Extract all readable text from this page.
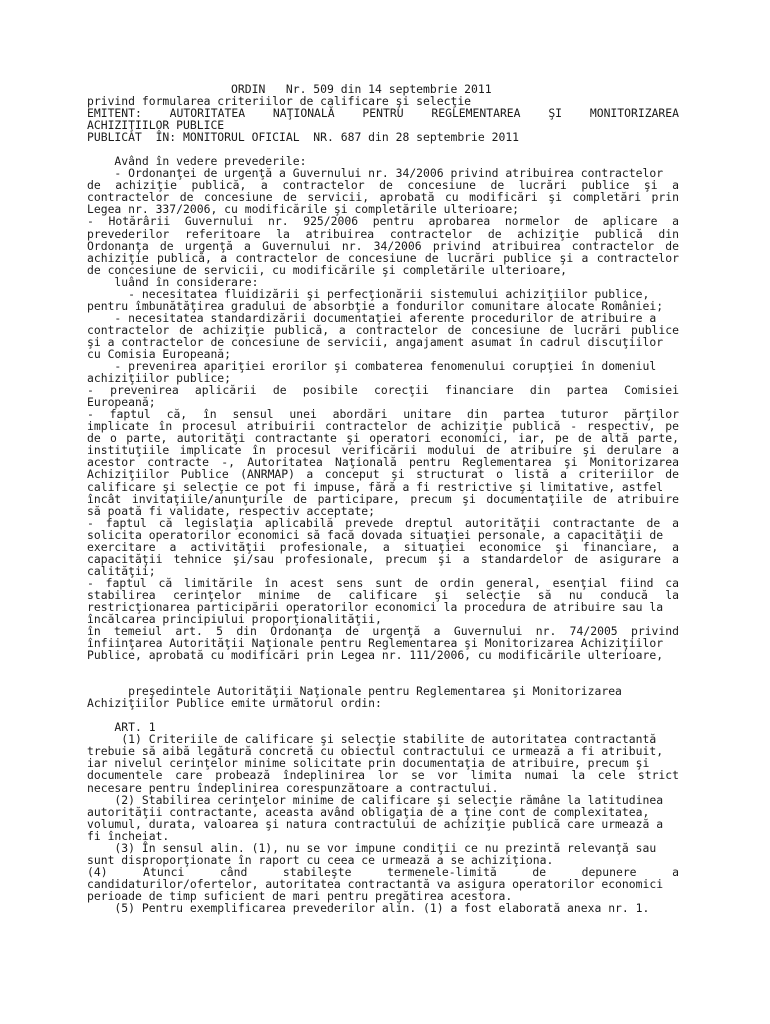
ORDIN   Nr. 509 din 14 septembrie 2011
privind formularea criteriilor de calificare şi selecţie
EMITENT: AUTORITATEA NAŢIONALĂ PENTRU REGLEMENTAREA ŞI MONITORIZAREA
ACHIZIŢIILOR PUBLICE
PUBLICAT  ÎN: MONITORUL OFICIAL  NR. 687 din 28 septembrie 2011
Având în vedere prevederile:
- Ordonanţei de urgenţă a Guvernului nr. 34/2006 privind atribuirea contractelor
de achiziţie publică, a contractelor de concesiune de lucrări publice şi a
contractelor de concesiune de servicii, aprobată cu modificări şi completări prin
Legea nr. 337/2006, cu modificările şi completările ulterioare;
- Hotărârii Guvernului nr. 925/2006 pentru aprobarea normelor de aplicare a
prevederilor referitoare la atribuirea contractelor de achiziţie publică din
Ordonanţa de urgenţă a Guvernului nr. 34/2006 privind atribuirea contractelor de
achiziţie publică, a contractelor de concesiune de lucrări publice şi a contractelor
de concesiune de servicii, cu modificările şi completările ulterioare,
luând în considerare:
- necesitatea fluidizării şi perfecţionării sistemului achiziţiilor publice,
pentru îmbunătăţirea gradului de absorbţie a fondurilor comunitare alocate României;
- necesitatea standardizării documentaţiei aferente procedurilor de atribuire a
contractelor de achiziţie publică, a contractelor de concesiune de lucrări publice
şi a contractelor de concesiune de servicii, angajament asumat în cadrul discuţiilor
cu Comisia Europeană;
- prevenirea apariţiei erorilor şi combaterea fenomenului corupţiei în domeniul
achiziţiilor publice;
- prevenirea aplicării de posibile corecţii financiare din partea Comisiei
Europeană;
- faptul că, în sensul unei abordări unitare din partea tuturor părţilor
implicate în procesul atribuirii contractelor de achiziţie publică - respectiv, pe
de o parte, autorităţi contractante şi operatori economici, iar, pe de altă parte,
instituţiile implicate în procesul verificării modului de atribuire şi derulare a
acestor contracte -, Autoritatea Naţională pentru Reglementarea şi Monitorizarea
Achiziţiilor Publice (ANRMAP) a conceput şi structurat o listă a criteriilor de
calificare şi selecţie ce pot fi impuse, fără a fi restrictive şi limitative, astfel
încât invitaţiile/anunţurile de participare, precum şi documentaţiile de atribuire
să poată fi validate, respectiv acceptate;
- faptul că legislaţia aplicabilă prevede dreptul autorităţii contractante de a
solicita operatorilor economici să facă dovada situaţiei personale, a capacităţii de
exercitare a activităţii profesionale, a situaţiei economice şi financiare, a
capacităţii tehnice şi/sau profesionale, precum şi a standardelor de asigurare a
calităţii;
- faptul că limitările în acest sens sunt de ordin general, esenţial fiind ca
stabilirea cerinţelor minime de calificare şi selecţie să nu conducă la
restricţionarea participării operatorilor economici la procedura de atribuire sau la
încălcarea principiului proporţionalităţii,
în temeiul art. 5 din Ordonanţa de urgenţă a Guvernului nr. 74/2005 privind
înfiinţarea Autorităţii Naţionale pentru Reglementarea şi Monitorizarea Achiziţiilor
Publice, aprobată cu modificări prin Legea nr. 111/2006, cu modificările ulterioare,
preşedintele Autorităţii Naţionale pentru Reglementarea şi Monitorizarea
Achiziţiilor Publice emite următorul ordin:
ART. 1
(1) Criteriile de calificare şi selecţie stabilite de autoritatea contractantă
trebuie să aibă legătură concretă cu obiectul contractului ce urmează a fi atribuit,
iar nivelul cerinţelor minime solicitate prin documentaţia de atribuire, precum şi
documentele care probează îndeplinirea lor se vor limita numai la cele strict
necesare pentru îndeplinirea corespunzătoare a contractului.
(2) Stabilirea cerinţelor minime de calificare şi selecţie rămâne la latitudinea
autorităţii contractante, aceasta având obligaţia de a ţine cont de complexitatea,
volumul, durata, valoarea şi natura contractului de achiziţie publică care urmează a
fi încheiat.
(3) În sensul alin. (1), nu se vor impune condiţii ce nu prezintă relevanţă sau
sunt disproporţionate în raport cu ceea ce urmează a se achiziţiona.
(4) Atunci când stabileşte termenele-limită de depunere a
candidaturilor/ofertelor, autoritatea contractantă va asigura operatorilor economici
perioade de timp suficient de mari pentru pregătirea acestora.
(5) Pentru exemplificarea prevederilor alin. (1) a fost elaborată anexa nr. 1.
